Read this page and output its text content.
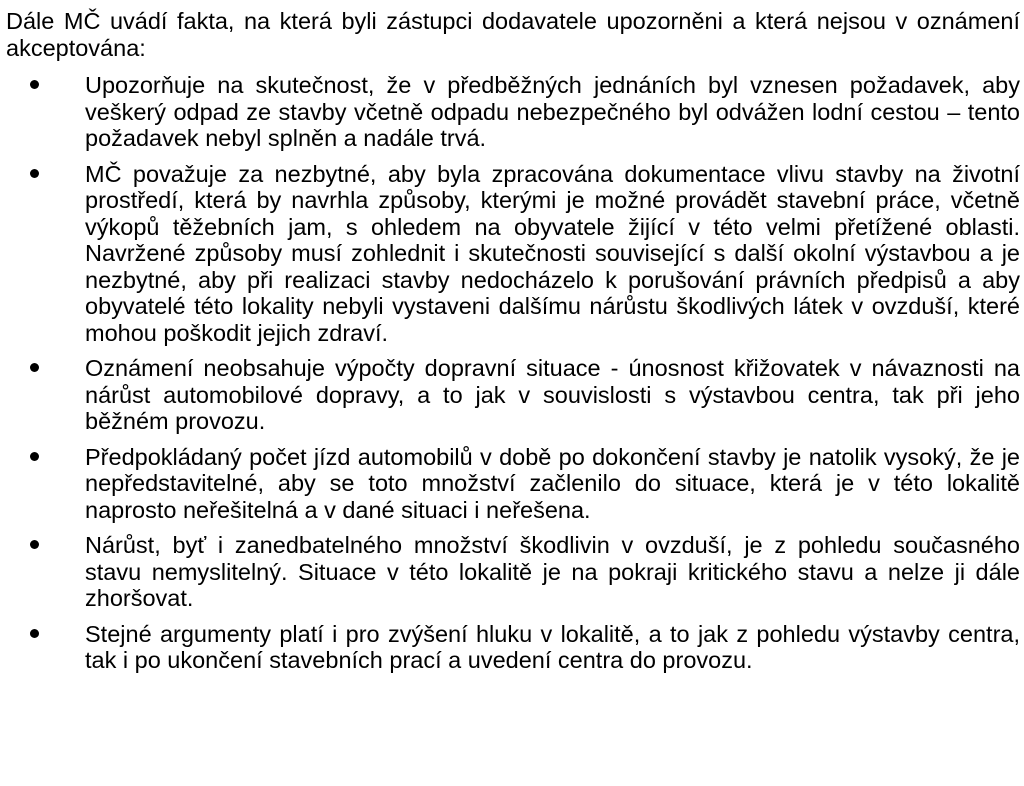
Dále MČ uvádí fakta, na která byli zástupci dodavatele upozorněni a která nejsou v oznámení akceptována:

Upozorňuje na skutečnost, že v předběžných jednáních byl vznesen požadavek, aby veškerý odpad ze stavby včetně odpadu nebezpečného byl odvážen lodní cestou – tento požadavek nebyl splněn a nadále trvá.
MČ považuje za nezbytné, aby byla zpracována dokumentace vlivu stavby na životní prostředí, která by navrhla způsoby, kterými je možné provádět stavební práce, včetně výkopů těžebních jam, s ohledem na obyvatele žijící v této velmi přetížené oblasti. Navržené způsoby musí zohlednit i skutečnosti související s další okolní výstavbou a je nezbytné, aby při realizaci stavby nedocházelo k porušování právních předpisů a aby obyvatelé této lokality nebyli vystaveni dalšímu nárůstu škodlivých látek v ovzduší, které mohou poškodit jejich zdraví.
Oznámení neobsahuje výpočty dopravní situace - únosnost křižovatek v návaznosti na nárůst automobilové dopravy, a to jak v souvislosti s výstavbou centra, tak při jeho běžném provozu.
Předpokládaný počet jízd automobilů v době po dokončení stavby je natolik vysoký, že je nepředstavitelné, aby se toto množství začlenilo do situace, která je v této lokalitě naprosto neřešitelná a v dané situaci i neřešena.
Nárůst, byť i zanedbatelného množství škodlivin v ovzduší, je z pohledu současného stavu nemyslitelný. Situace v této lokalitě je na pokraji kritického stavu a nelze ji dále zhoršovat.
Stejné argumenty platí i pro zvýšení hluku v lokalitě, a to jak z pohledu výstavby centra, tak i po ukončení stavebních prací a uvedení centra do provozu.
